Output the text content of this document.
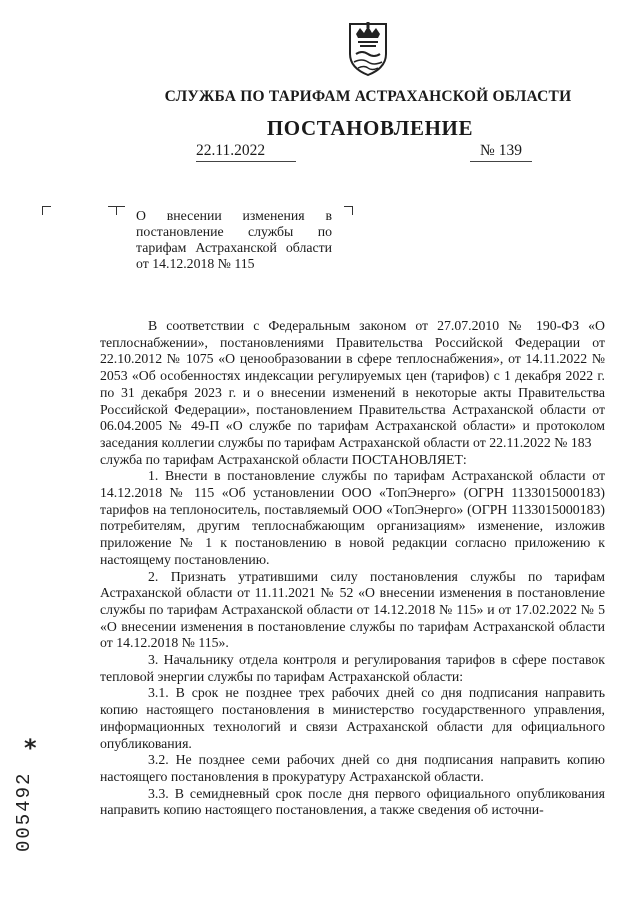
СЛУЖБА ПО ТАРИФАМ АСТРАХАНСКОЙ ОБЛАСТИ
ПОСТАНОВЛЕНИЕ
22.11.2022	№ 139
О внесении изменения в постановление службы по тарифам Астраханской области от 14.12.2018 № 115

В соответствии с Федеральным законом от 27.07.2010 № 190-ФЗ «О теплоснабжении», постановлениями Правительства Российской Федерации от 22.10.2012 № 1075 «О ценообразовании в сфере теплоснабжения», от 14.11.2022 № 2053 «Об особенностях индексации регулируемых цен (тарифов) с 1 декабря 2022 г. по 31 декабря 2023 г. и о внесении изменений в некоторые акты Правительства Российской Федерации», постановлением Правительства Астраханской области от 06.04.2005 № 49-П «О службе по тарифам Астраханской области» и протоколом заседания коллегии службы по тарифам Астраханской области от 22.11.2022 № 183

служба по тарифам Астраханской области ПОСТАНОВЛЯЕТ:

1. Внести в постановление службы по тарифам Астраханской области от 14.12.2018 № 115 «Об установлении ООО «ТопЭнерго» (ОГРН 1133015000183) тарифов на теплоноситель, поставляемый ООО «ТопЭнерго» (ОГРН 1133015000183) потребителям, другим теплоснабжающим организациям» изменение, изложив приложение № 1 к постановлению в новой редакции согласно приложению к настоящему постановлению.

2. Признать утратившими силу постановления службы по тарифам Астраханской области от 11.11.2021 № 52 «О внесении изменения в постановление службы по тарифам Астраханской области от 14.12.2018 № 115» и от 17.02.2022 № 5 «О внесении изменения в постановление службы по тарифам Астраханской области от 14.12.2018 № 115».

3. Начальнику отдела контроля и регулирования тарифов в сфере поставок тепловой энергии службы по тарифам Астраханской области:

3.1. В срок не позднее трех рабочих дней со дня подписания направить копию настоящего постановления в министерство государственного управления, информационных технологий и связи Астраханской области для официального опубликования.

3.2. Не позднее семи рабочих дней со дня подписания направить копию настоящего постановления в прокуратуру Астраханской области.

3.3. В семидневный срок после дня первого официального опубликования направить копию настоящего постановления, а также сведения об источни-

*
005492
